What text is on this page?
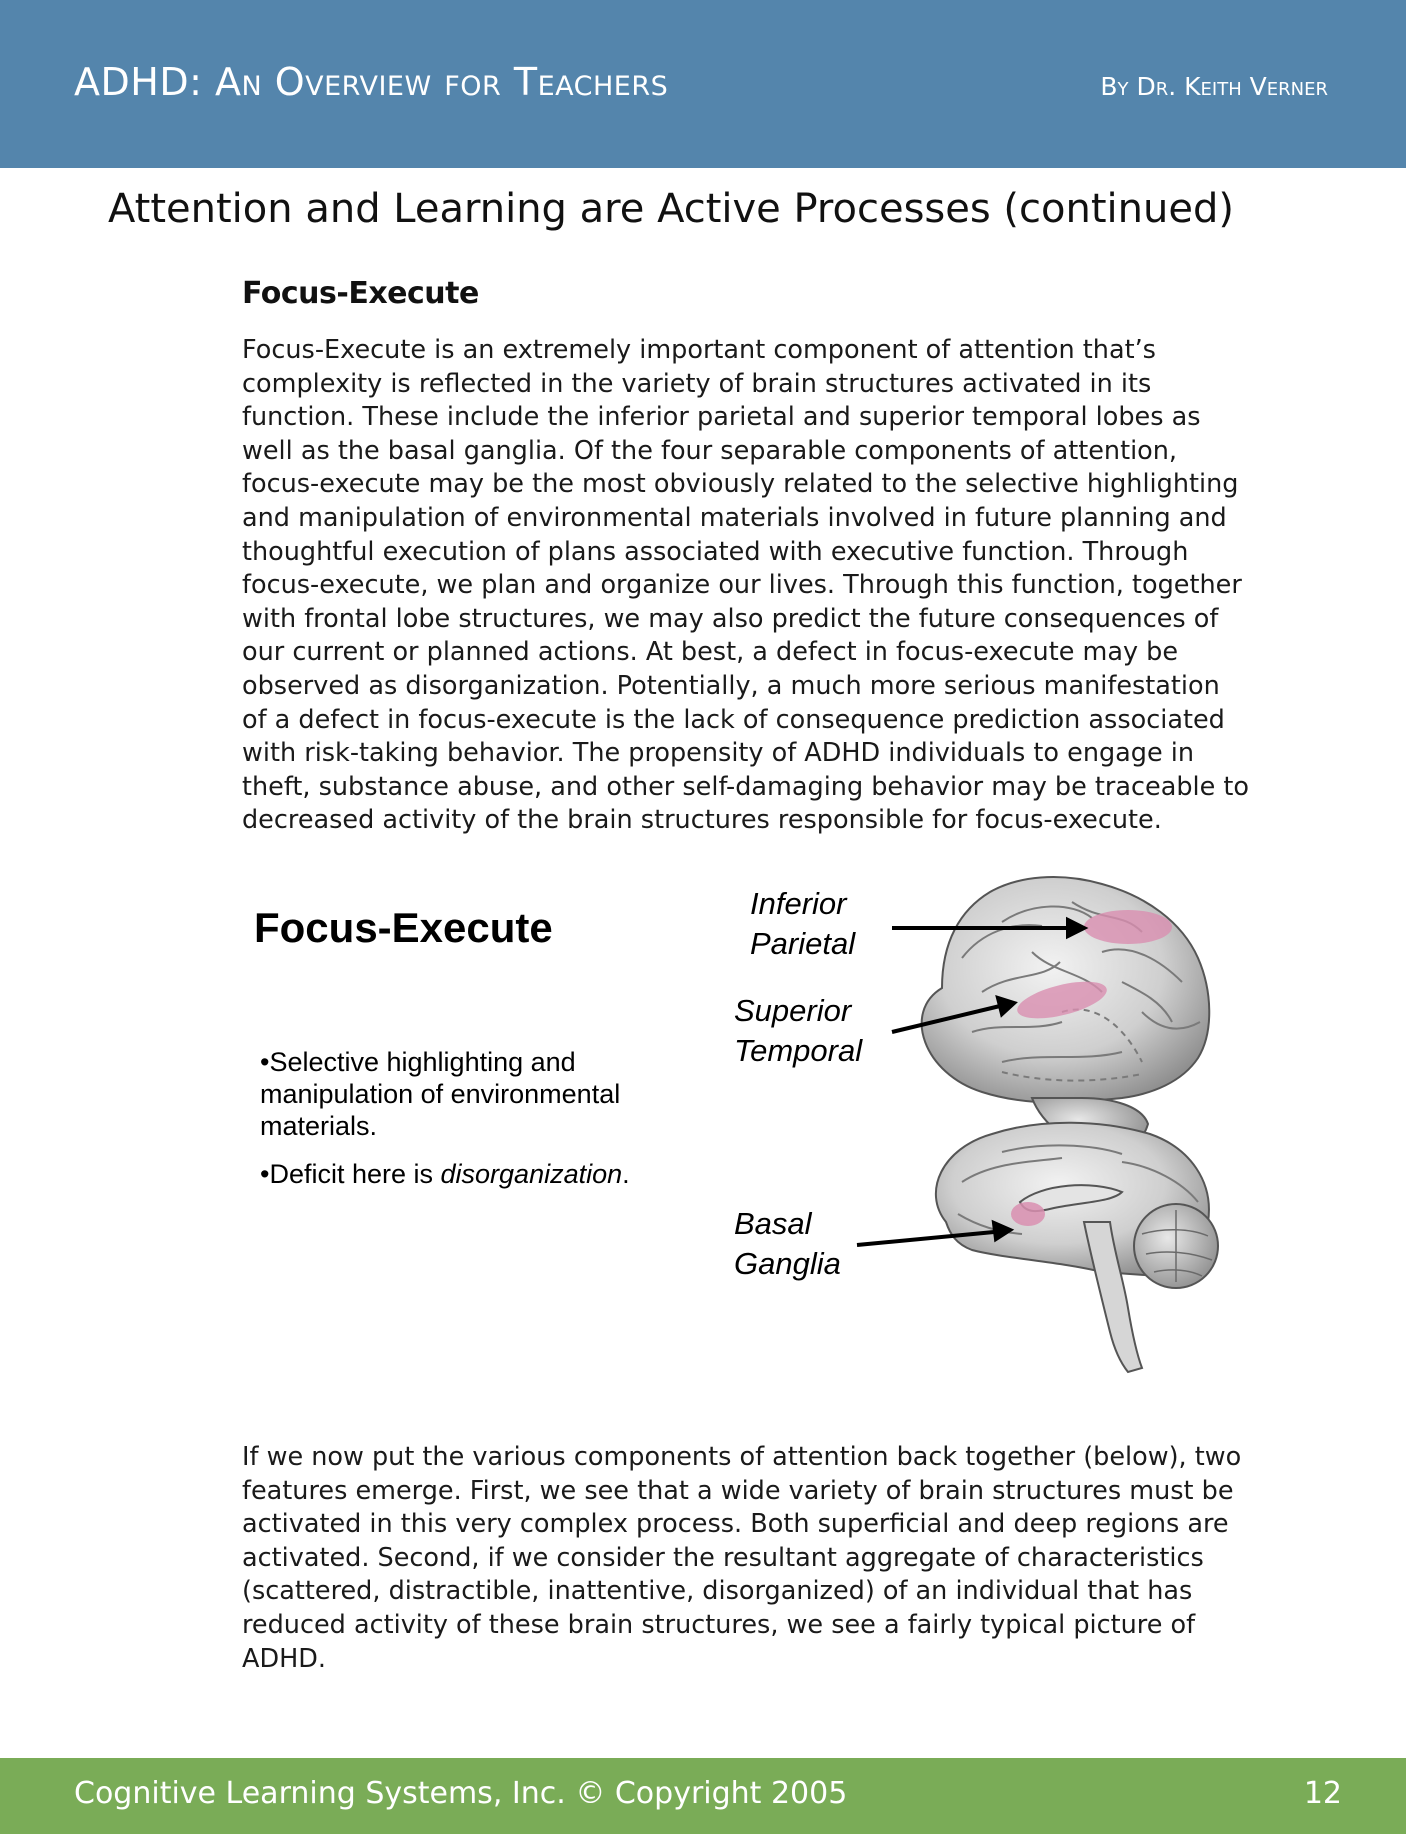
ADHD: An Overview for Teachers	By Dr. Keith Verner
Attention and Learning are Active Processes (continued)
Focus-Execute

Focus-Execute is an extremely important component of attention that’s complexity is reflected in the variety of brain structures activated in its function. These include the inferior parietal and superior temporal lobes as well as the basal ganglia. Of the four separable components of attention, focus-execute may be the most obviously related to the selective highlighting and manipulation of environmental materials involved in future planning and thoughtful execution of plans associated with executive function. Through focus-execute, we plan and organize our lives. Through this function, together with frontal lobe structures, we may also predict the future consequences of our current or planned actions. At best, a defect in focus-execute may be observed as disorganization. Potentially, a much more serious manifestation of a defect in focus-execute is the lack of consequence prediction associated with risk-taking behavior. The propensity of ADHD individuals to engage in theft, substance abuse, and other self-damaging behavior may be traceable to decreased activity of the brain structures responsible for focus-execute.

Inferior
Parietal
Superior
Temporal
Basal
Ganglia
Focus-Execute
• Selective highlighting and manipulation of environmental materials.
• Deficit here is disorganization.

If we now put the various components of attention back together (below), two features emerge. First, we see that a wide variety of brain structures must be activated in this very complex process. Both superficial and deep regions are activated. Second, if we consider the resultant aggregate of characteristics (scattered, distractible, inattentive, disorganized) of an individual that has reduced activity of these brain structures, we see a fairly typical picture of ADHD.

Cognitive Learning Systems, Inc. © Copyright 2005	12
